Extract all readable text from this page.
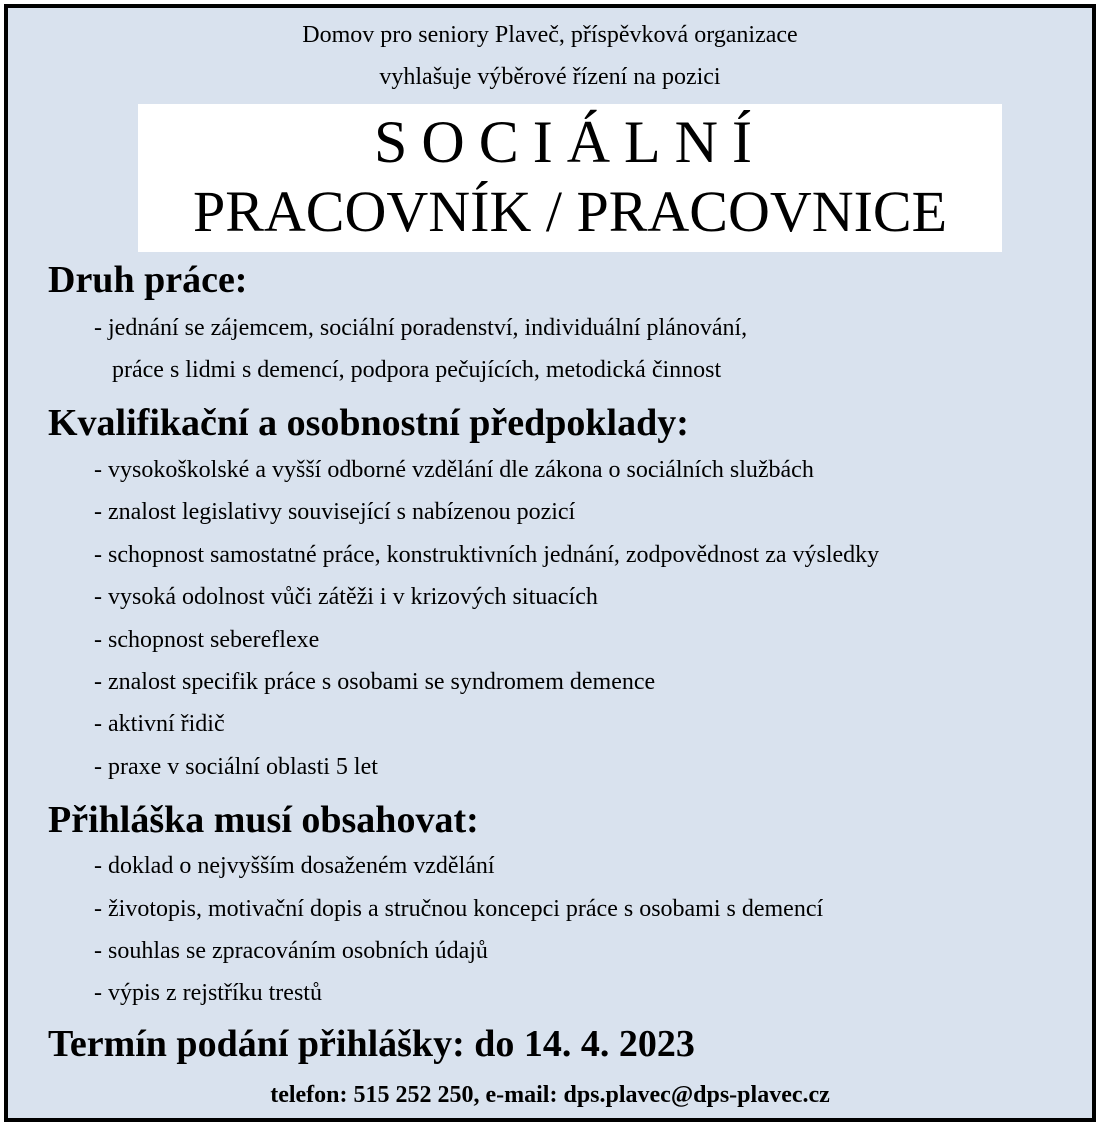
Domov pro seniory Plaveč, příspěvková organizace
vyhlašuje výběrové řízení na pozici
SOCIÁLNÍ
PRACOVNÍK / PRACOVNICE
Druh práce:
- jednání se zájemcem, sociální poradenství, individuální plánování,
práce s lidmi s demencí, podpora pečujících, metodická činnost
Kvalifikační a osobnostní předpoklady:
- vysokoškolské a vyšší odborné vzdělání dle zákona o sociálních službách
- znalost legislativy související s nabízenou pozicí
- schopnost samostatné práce, konstruktivních jednání, zodpovědnost za výsledky
- vysoká odolnost vůči zátěži i v krizových situacích
- schopnost sebereflexe
- znalost specifik práce s osobami se syndromem demence
- aktivní řidič
- praxe v sociální oblasti 5 let
Přihláška musí obsahovat:
- doklad o nejvyšším dosaženém vzdělání
- životopis, motivační dopis a stručnou koncepci práce s osobami s demencí
- souhlas se zpracováním osobních údajů
- výpis z rejstříku trestů
Termín podání přihlášky: do 14. 4. 2023
telefon: 515 252 250, e-mail: dps.plavec@dps-plavec.cz
